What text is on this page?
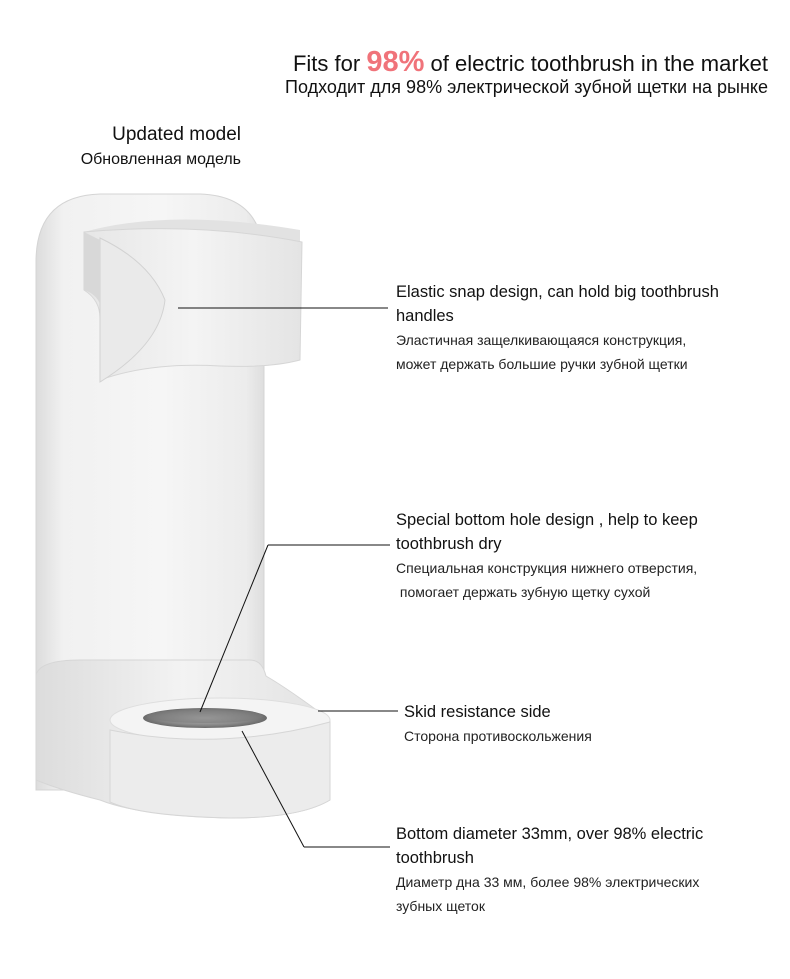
Fits for 98% of electric toothbrush in the market
Подходит для 98% электрической зубной щетки на рынке
Updated model
Обновленная модель
Elastic snap design, can hold big toothbrush
handles
Эластичная защелкивающаяся конструкция,
может держать большие ручки зубной щетки
Special bottom hole design , help to keep
toothbrush dry
Специальная конструкция нижнего отверстия,
помогает держать зубную щетку сухой
Skid resistance side
Сторона противоскольжения
Bottom diameter 33mm, over 98% electric
toothbrush
Диаметр дна 33 мм, более 98% электрических
зубных щеток
